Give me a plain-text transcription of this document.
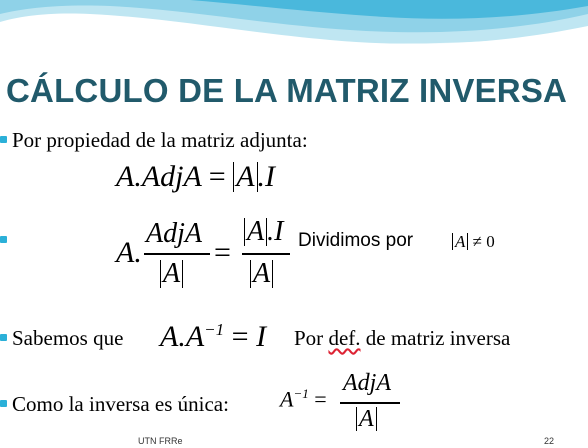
CÁLCULO DE LA MATRIZ INVERSA
Por propiedad de la matriz adjunta:
A.AdjA = A .I
A.
AdjA
A
=
A .I
A
Dividimos por A ≠ 0
Sabemos que $A.A^{-1} = I$ Por def. de matriz inversa
Como la inversa es única: $A^{-1}$ =
AdjA
A
UTN FRRe	22
